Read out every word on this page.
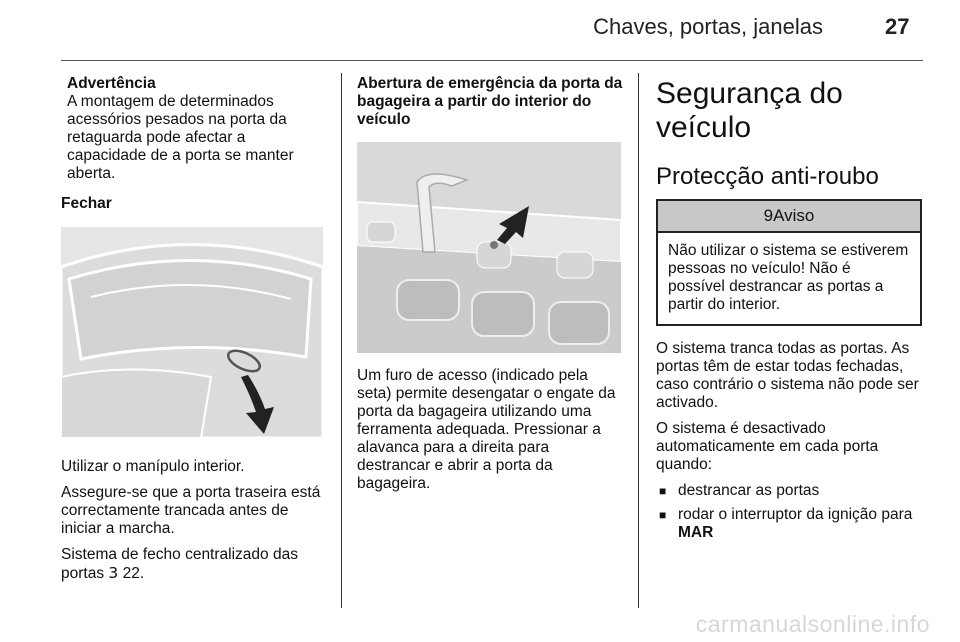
Chaves, portas, janelas	27
Advertência
A montagem de determinados acessórios pesados na porta da retaguarda pode afectar a capacidade de a porta se manter aberta.

Fechar

Utilizar o manípulo interior.

Assegure-se que a porta traseira está correctamente trancada antes de iniciar a marcha.

Sistema de fecho centralizado das portas 3 22.

Abertura de emergência da porta da bagageira a partir do interior do veículo

Um furo de acesso (indicado pela seta) permite desengatar o engate da porta da bagageira utilizando uma ferramenta adequada. Pressionar a alavanca para a direita para destrancar e abrir a porta da bagageira.

Segurança do veículo
Protecção anti-roubo
9Aviso
Não utilizar o sistema se estiverem pessoas no veículo! Não é possível destrancar as portas a partir do interior.

O sistema tranca todas as portas. As portas têm de estar todas fechadas, caso contrário o sistema não pode ser activado.

O sistema é desactivado automaticamente em cada porta quando:

■ destrancar as portas
■ rodar o interruptor da ignição para
MAR
carmanualsonline.info
